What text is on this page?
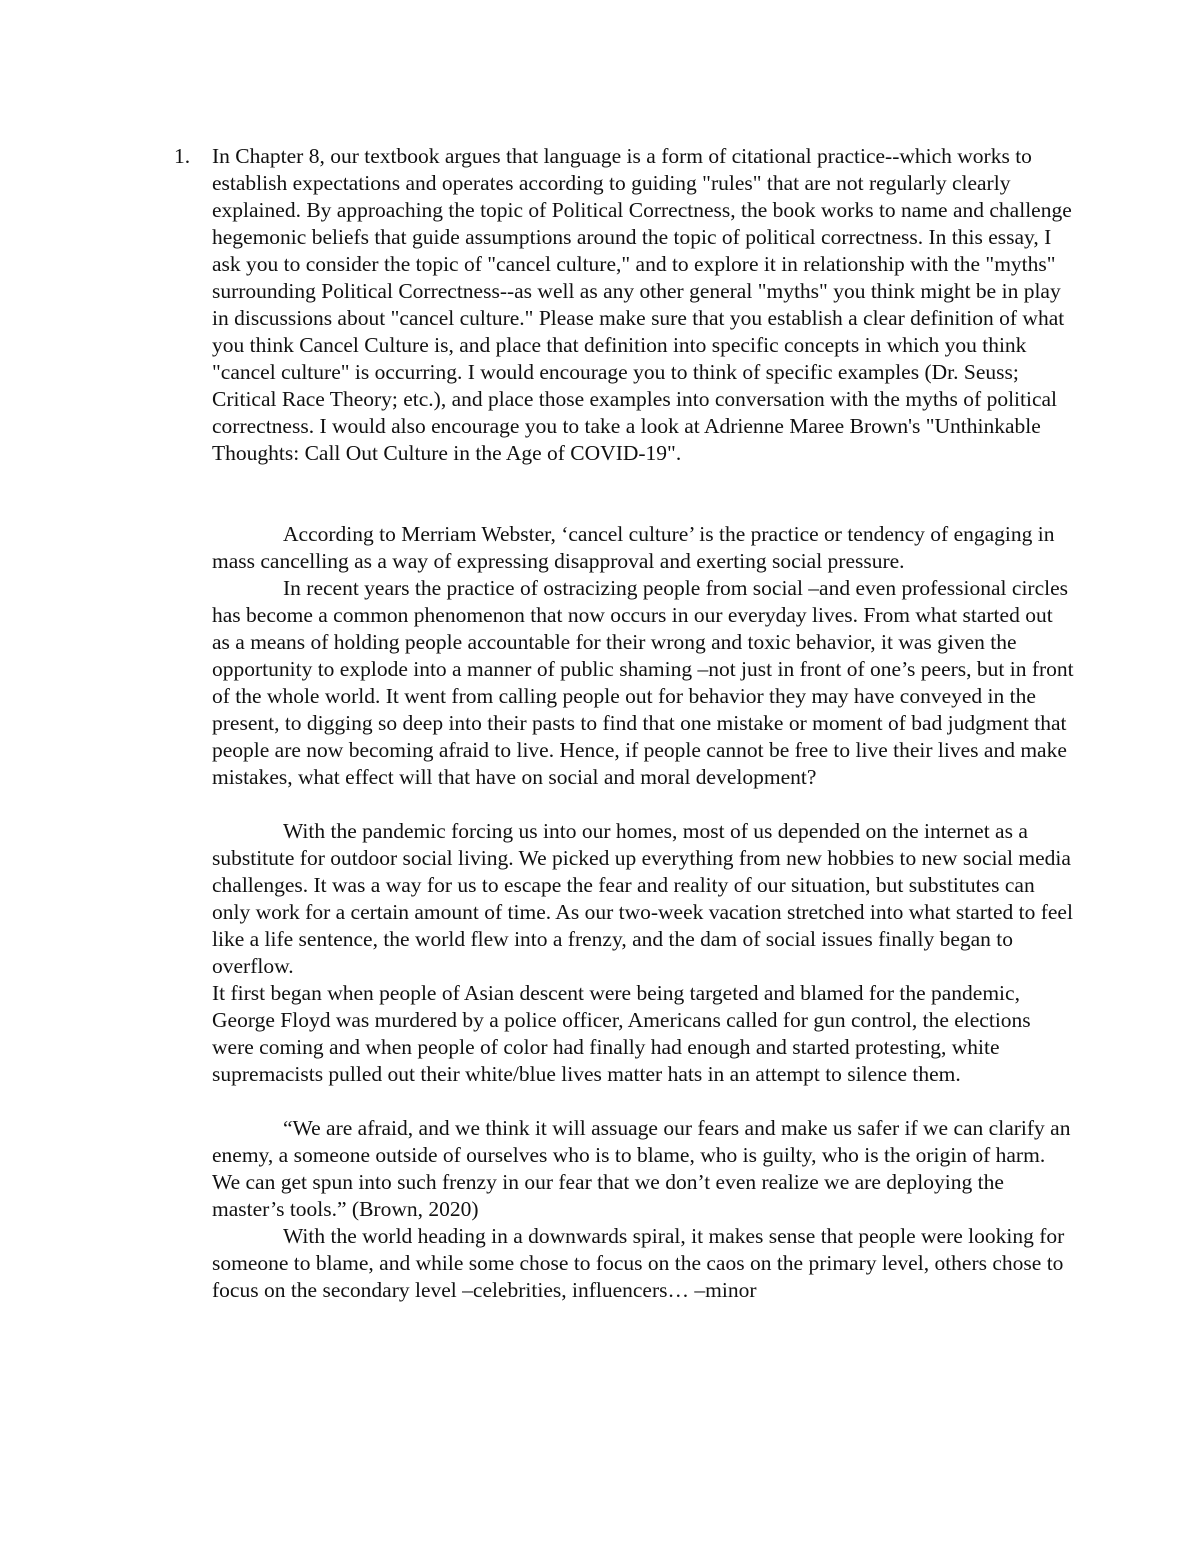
1. In Chapter 8, our textbook argues that language is a form of citational practice--which works to establish expectations and operates according to guiding "rules" that are not regularly clearly explained. By approaching the topic of Political Correctness, the book works to name and challenge hegemonic beliefs that guide assumptions around the topic of political correctness. In this essay, I ask you to consider the topic of "cancel culture," and to explore it in relationship with the "myths" surrounding Political Correctness--as well as any other general "myths" you think might be in play in discussions about "cancel culture." Please make sure that you establish a clear definition of what you think Cancel Culture is, and place that definition into specific concepts in which you think "cancel culture" is occurring. I would encourage you to think of specific examples (Dr. Seuss; Critical Race Theory; etc.), and place those examples into conversation with the myths of political correctness. I would also encourage you to take a look at Adrienne Maree Brown's "Unthinkable Thoughts: Call Out Culture in the Age of COVID-19".

According to Merriam Webster, ‘cancel culture’ is the practice or tendency of engaging in mass cancelling as a way of expressing disapproval and exerting social pressure.

In recent years the practice of ostracizing people from social –and even professional circles has become a common phenomenon that now occurs in our everyday lives. From what started out as a means of holding people accountable for their wrong and toxic behavior, it was given the opportunity to explode into a manner of public shaming –not just in front of one’s peers, but in front of the whole world. It went from calling people out for behavior they may have conveyed in the present, to digging so deep into their pasts to find that one mistake or moment of bad judgment that people are now becoming afraid to live. Hence, if people cannot be free to live their lives and make mistakes, what effect will that have on social and moral development?

With the pandemic forcing us into our homes, most of us depended on the internet as a substitute for outdoor social living. We picked up everything from new hobbies to new social media challenges. It was a way for us to escape the fear and reality of our situation, but substitutes can only work for a certain amount of time. As our two-week vacation stretched into what started to feel like a life sentence, the world flew into a frenzy, and the dam of social issues finally began to overflow.

It first began when people of Asian descent were being targeted and blamed for the pandemic, George Floyd was murdered by a police officer, Americans called for gun control, the elections were coming and when people of color had finally had enough and started protesting, white supremacists pulled out their white/blue lives matter hats in an attempt to silence them.

“We are afraid, and we think it will assuage our fears and make us safer if we can clarify an enemy, a someone outside of ourselves who is to blame, who is guilty, who is the origin of harm. We can get spun into such frenzy in our fear that we don’t even realize we are deploying the master’s tools.” (Brown, 2020)

With the world heading in a downwards spiral, it makes sense that people were looking for someone to blame, and while some chose to focus on the caos on the primary level, others chose to focus on the secondary level –celebrities, influencers… –minor
